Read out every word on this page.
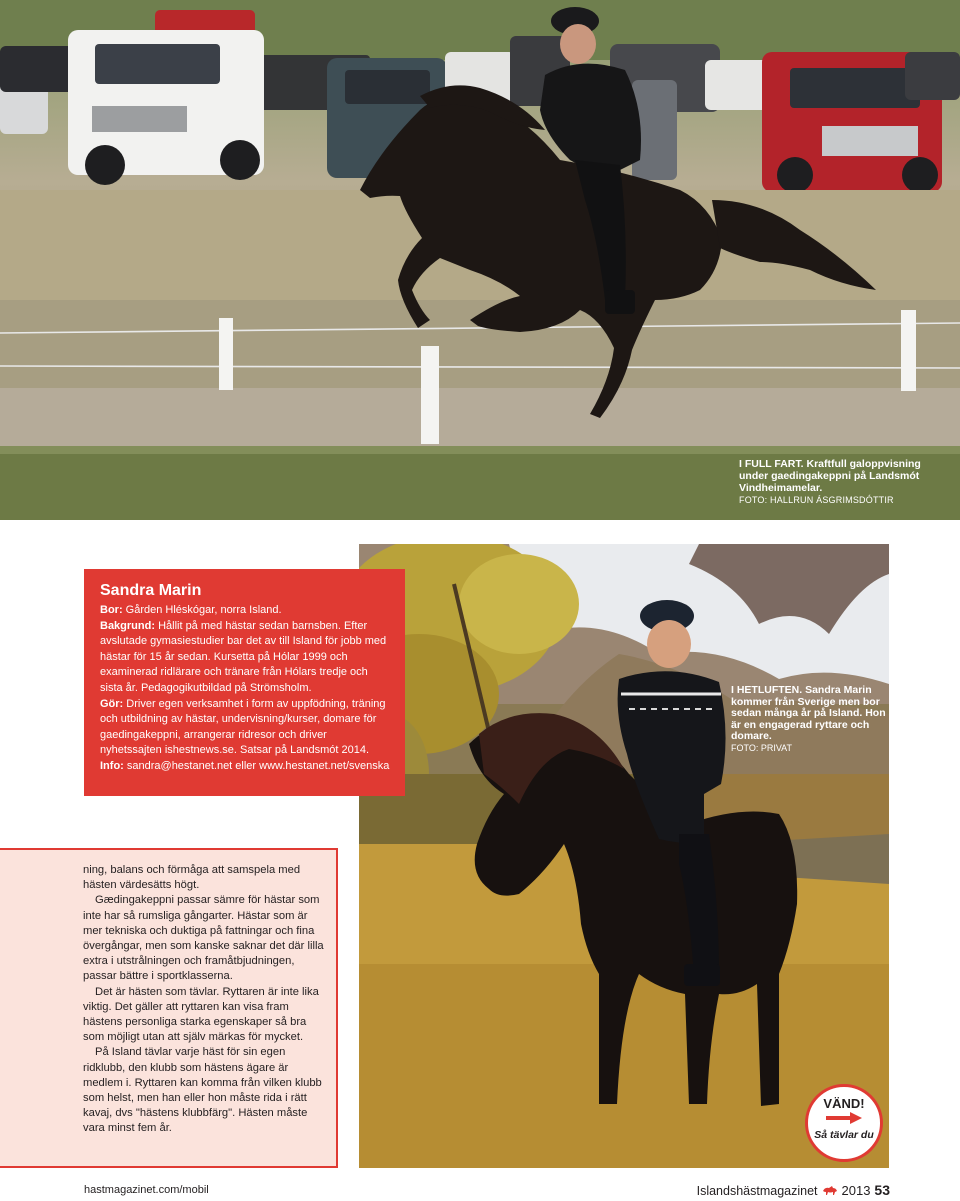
I FULL FART. Kraftfull galoppvisning under gaedingakeppni på Landsmót Vindheimamelar.
FOTO: HALLRUN ÁSGRIMSDÓTTIR
I HETLUFTEN. Sandra Marin kommer från Sverige men bor sedan många år på Island. Hon är en engagerad ryttare och domare.
FOTO: PRIVAT
Sandra Marin

Bor: Gården Hléskógar, norra Island.
Bakgrund: Hållit på med hästar sedan barnsben. Efter avslutade gymasiestudier bar det av till Island för jobb med hästar för 15 år sedan. Kursetta på Hólar 1999 och examinerad ridlärare och tränare från Hólars tredje och sista år. Pedagogikutbildad på Strömsholm.
Gör: Driver egen verksamhet i form av uppfödning, träning och utbildning av hästar, undervisning/kurser, domare för gaedingakeppni, arrangerar ridresor och driver nyhetssajten ishestnews.se. Satsar på Landsmót 2014.
Info: sandra@hestanet.net eller www.hestanet.net/svenska

ning, balans och förmåga att samspela med hästen värdesätts högt.

Gædingakeppni passar sämre för hästar som inte har så rumsliga gångarter. Hästar som är mer tekniska och duktiga på fattningar och fina övergångar, men som kanske saknar det där lilla extra i utstrålningen och framåtbjudningen, passar bättre i sportklasserna.

Det är hästen som tävlar. Ryttaren är inte lika viktig. Det gäller att ryttaren kan visa fram hästens personliga starka egenskaper så bra som möjligt utan att själv märkas för mycket.

På Island tävlar varje häst för sin egen ridklubb, den klubb som hästens ägare är medlem i. Ryttaren kan komma från vilken klubb som helst, men han eller hon måste rida i rätt kavaj, dvs "hästens klubbfärg". Hästen måste vara minst fem år.

VÄND!
Så tävlar du
hastmagazinet.com/mobil	Islandshästmagazinet 2013 53
